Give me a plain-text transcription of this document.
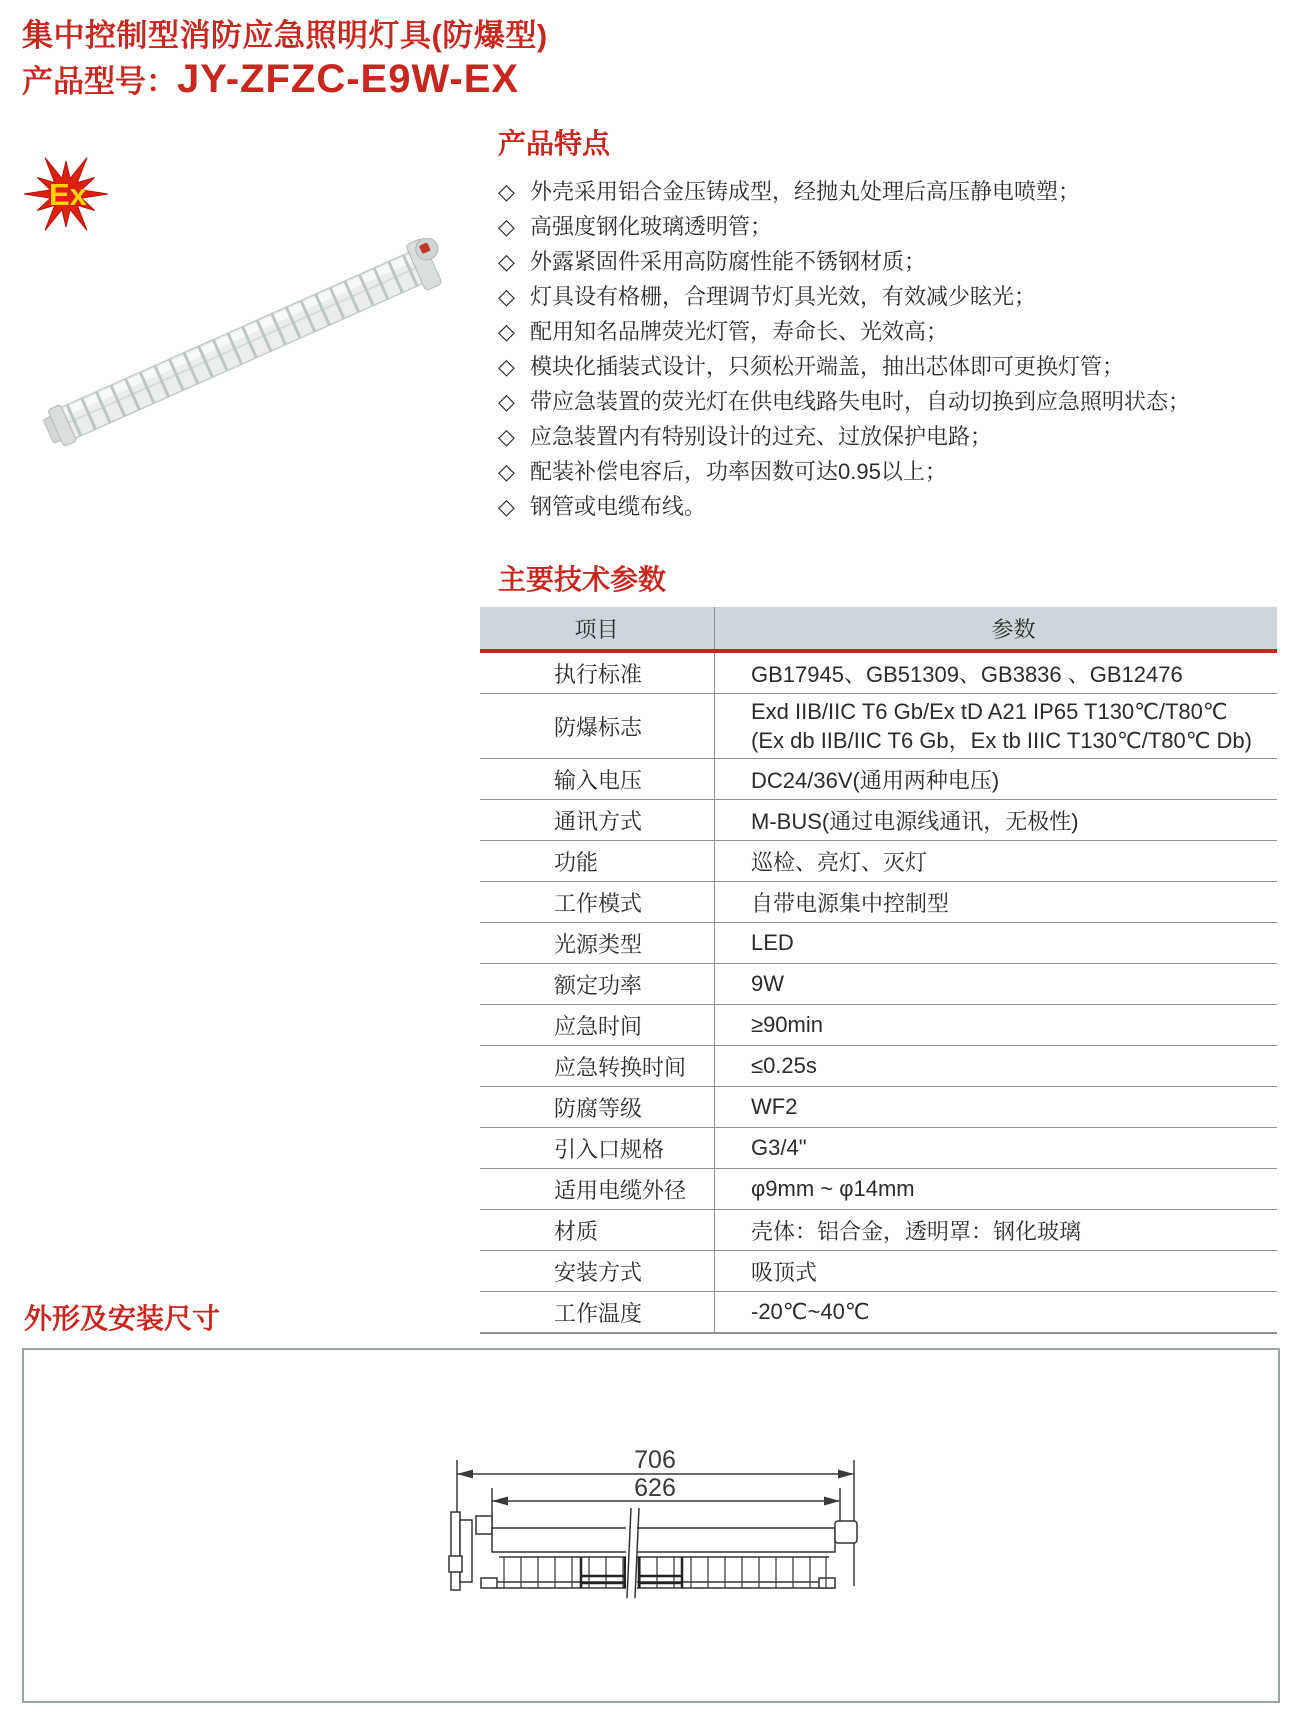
集中控制型消防应急照明灯具(防爆型)
产品型号： JY-ZFZC-E9W-EX
Ex
产品特点
◇ 外壳采用铝合金压铸成型，经抛丸处理后高压静电喷塑；
◇ 高强度钢化玻璃透明管；
◇ 外露紧固件采用高防腐性能不锈钢材质；
◇ 灯具设有格栅，合理调节灯具光效，有效减少眩光；
◇ 配用知名品牌荧光灯管，寿命长、光效高；
◇ 模块化插装式设计，只须松开端盖，抽出芯体即可更换灯管；
◇ 带应急装置的荧光灯在供电线路失电时，自动切换到应急照明状态；
◇ 应急装置内有特别设计的过充、过放保护电路；
◇ 配装补偿电容后，功率因数可达0.95以上；
◇ 钢管或电缆布线。
主要技术参数
项目	参数
执行标准	GB17945、GB51309、GB3836 、GB12476
防爆标志	Exd IIB/IIC T6 Gb/Ex tD A21 IP65 T130℃/T80℃
(Ex db IIB/IIC T6 Gb，Ex tb IIIC T130℃/T80℃ Db)

输入电压	DC24/36V(通用两种电压)
通讯方式	M-BUS(通过电源线通讯，无极性)
功能	巡检、亮灯、灭灯
工作模式	自带电源集中控制型
光源类型	LED
额定功率	9W
应急时间	≥90min
应急转换时间	≤0.25s
防腐等级	WF2
引入口规格	G3/4"
适用电缆外径	φ9mm ~ φ14mm
材质	壳体：铝合金，透明罩：钢化玻璃
安装方式	吸顶式
工作温度	-20℃~40℃
外形及安装尺寸
706
626
